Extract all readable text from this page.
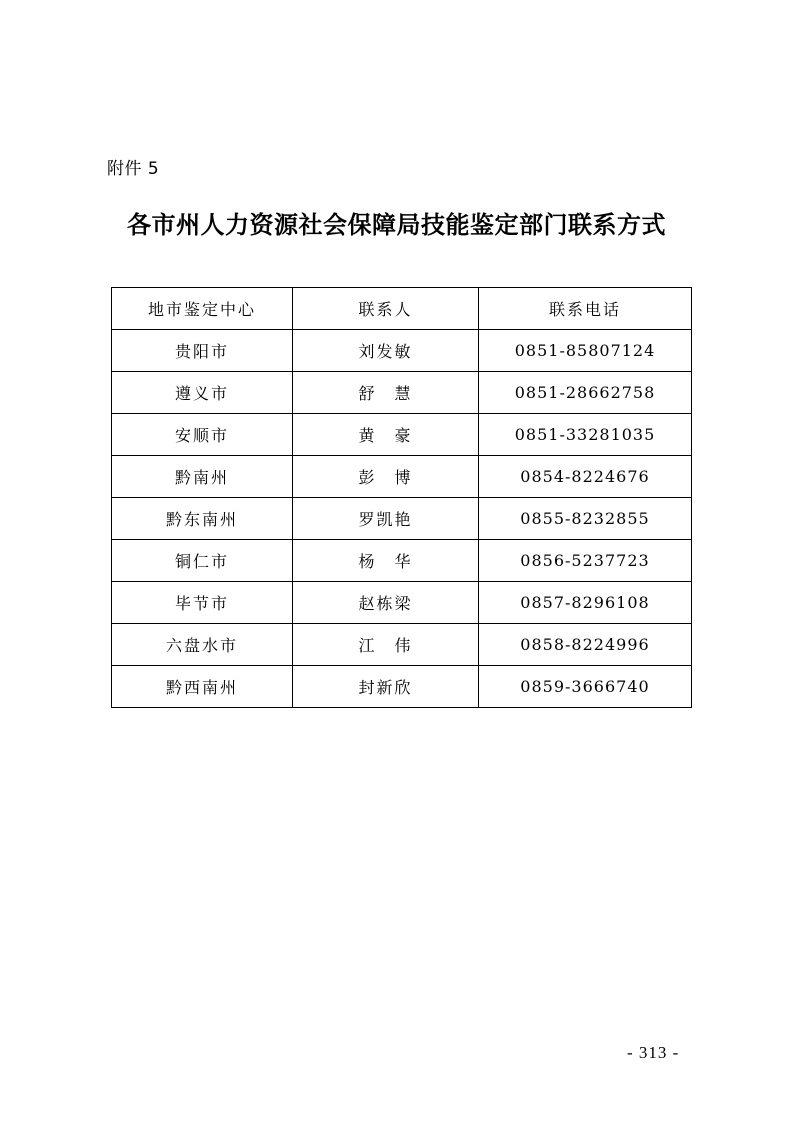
附件 5
各市州人力资源社会保障局技能鉴定部门联系方式
地市鉴定中心	联系人	联系电话
贵阳市	刘发敏	0851-85807124
遵义市	舒　慧	0851-28662758
安顺市	黄　豪	0851-33281035
黔南州	彭　博	0854-8224676
黔东南州	罗凯艳	0855-8232855
铜仁市	杨　华	0856-5237723
毕节市	赵栋梁	0857-8296108
六盘水市	江　伟	0858-8224996
黔西南州	封新欣	0859-3666740
- 313 -
